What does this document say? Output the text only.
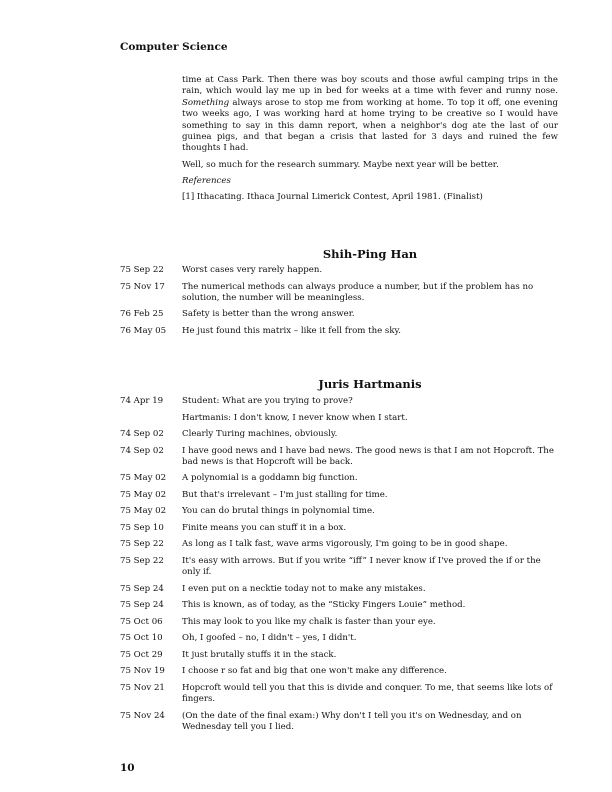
Computer Science

time at Cass Park. Then there was boy scouts and those awful camping trips in the rain, which would lay me up in bed for weeks at a time with fever and runny nose. Something always arose to stop me from working at home. To top it off, one evening two weeks ago, I was working hard at home trying to be creative so I would have something to say in this damn report, when a neighbor's dog ate the last of our guinea pigs, and that began a crisis that lasted for 3 days and ruined the few thoughts I had.

Well, so much for the research summary. Maybe next year will be better.

References
[1] Ithacating. Ithaca Journal Limerick Contest, April 1981. (Finalist)
Shih-Ping Han
75 Sep 22	Worst cases very rarely happen.
75 Nov 17	The numerical methods can always produce a number, but if the problem has no solution, the number will be meaningless.
76 Feb 25	Safety is better than the wrong answer.
76 May 05	He just found this matrix – like it fell from the sky.
Juris Hartmanis
74 Apr 19	Student: What are you trying to prove?
Hartmanis: I don't know, I never know when I start.
74 Sep 02	Clearly Turing machines, obviously.
74 Sep 02	I have good news and I have bad news. The good news is that I am not Hopcroft. The bad news is that Hopcroft will be back.
75 May 02	A polynomial is a goddamn big function.
75 May 02	But that's irrelevant – I'm just stalling for time.
75 May 02	You can do brutal things in polynomial time.
75 Sep 10	Finite means you can stuff it in a box.
75 Sep 22	As long as I talk fast, wave arms vigorously, I'm going to be in good shape.
75 Sep 22	It's easy with arrows. But if you write “iff” I never know if I've proved the if or the only if.
75 Sep 24	I even put on a necktie today not to make any mistakes.
75 Sep 24	This is known, as of today, as the “Sticky Fingers Louie” method.
75 Oct 06	This may look to you like my chalk is faster than your eye.
75 Oct 10	Oh, I goofed – no, I didn't – yes, I didn't.
75 Oct 29	It just brutally stuffs it in the stack.
75 Nov 19	I choose r so fat and big that one won't make any difference.
75 Nov 21	Hopcroft would tell you that this is divide and conquer. To me, that seems like lots of fingers.
75 Nov 24	(On the date of the final exam:) Why don't I tell you it's on Wednesday, and on Wednesday tell you I lied.
10
